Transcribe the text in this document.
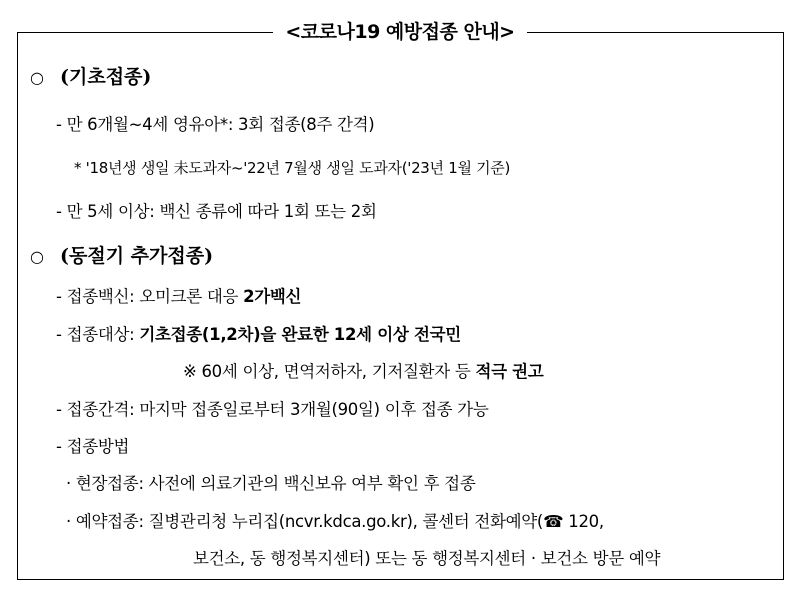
<코로나19 예방접종 안내>
○ (기초접종)
- 만 6개월~4세 영유아*: 3회 접종(8주 간격)
* '18년생 생일 未도과자~'22년 7월생 생일 도과자('23년 1월 기준)
- 만 5세 이상: 백신 종류에 따라 1회 또는 2회
○ (동절기 추가접종)
- 접종백신: 오미크론 대응 2가백신
- 접종대상: 기초접종(1,2차)을 완료한 12세 이상 전국민
※ 60세 이상, 면역저하자, 기저질환자 등 적극 권고
- 접종간격: 마지막 접종일로부터 3개월(90일) 이후 접종 가능
- 접종방법
· 현장접종: 사전에 의료기관의 백신보유 여부 확인 후 접종
· 예약접종: 질병관리청 누리집(ncvr.kdca.go.kr), 콜센터 전화예약(☎ 120,
보건소, 동 행정복지센터) 또는 동 행정복지센터 · 보건소 방문 예약
